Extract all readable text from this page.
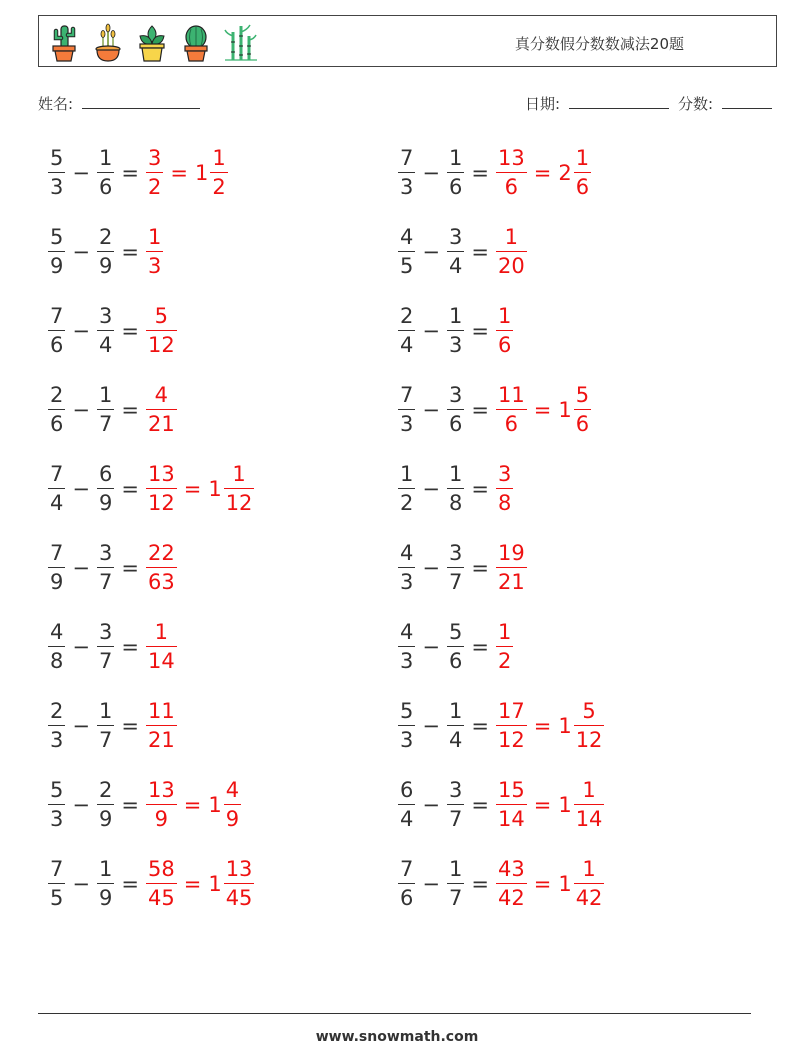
真分数假分数数减法20题
姓名:	日期:	分数:
$\frac{5}{3} - \frac{1}{6} = \frac{3}{2} = 1 \frac{1}{2}$	$\frac{7}{3} - \frac{1}{6} = \frac{13}{6} = 2 \frac{1}{6}$
$\frac{5}{9} - \frac{2}{9} = \frac{1}{3}$	$\frac{4}{5} - \frac{3}{4} = \frac{1}{20}$
$\frac{7}{6} - \frac{3}{4} = \frac{5}{12}$	$\frac{2}{4} - \frac{1}{3} = \frac{1}{6}$
$\frac{2}{6} - \frac{1}{7} = \frac{4}{21}$	$\frac{7}{3} - \frac{3}{6} = \frac{11}{6} = 1 \frac{5}{6}$
$\frac{7}{4} - \frac{6}{9} = \frac{13}{12} = 1 \frac{1}{12}$	$\frac{1}{2} - \frac{1}{8} = \frac{3}{8}$
$\frac{7}{9} - \frac{3}{7} = \frac{22}{63}$	$\frac{4}{3} - \frac{3}{7} = \frac{19}{21}$
$\frac{4}{8} - \frac{3}{7} = \frac{1}{14}$	$\frac{4}{3} - \frac{5}{6} = \frac{1}{2}$
$\frac{2}{3} - \frac{1}{7} = \frac{11}{21}$	$\frac{5}{3} - \frac{1}{4} = \frac{17}{12} = 1 \frac{5}{12}$
$\frac{5}{3} - \frac{2}{9} = \frac{13}{9} = 1 \frac{4}{9}$	$\frac{6}{4} - \frac{3}{7} = \frac{15}{14} = 1 \frac{1}{14}$
$\frac{7}{5} - \frac{1}{9} = \frac{58}{45} = 1 \frac{13}{45}$	$\frac{7}{6} - \frac{1}{7} = \frac{43}{42} = 1 \frac{1}{42}$
www.snowmath.com
